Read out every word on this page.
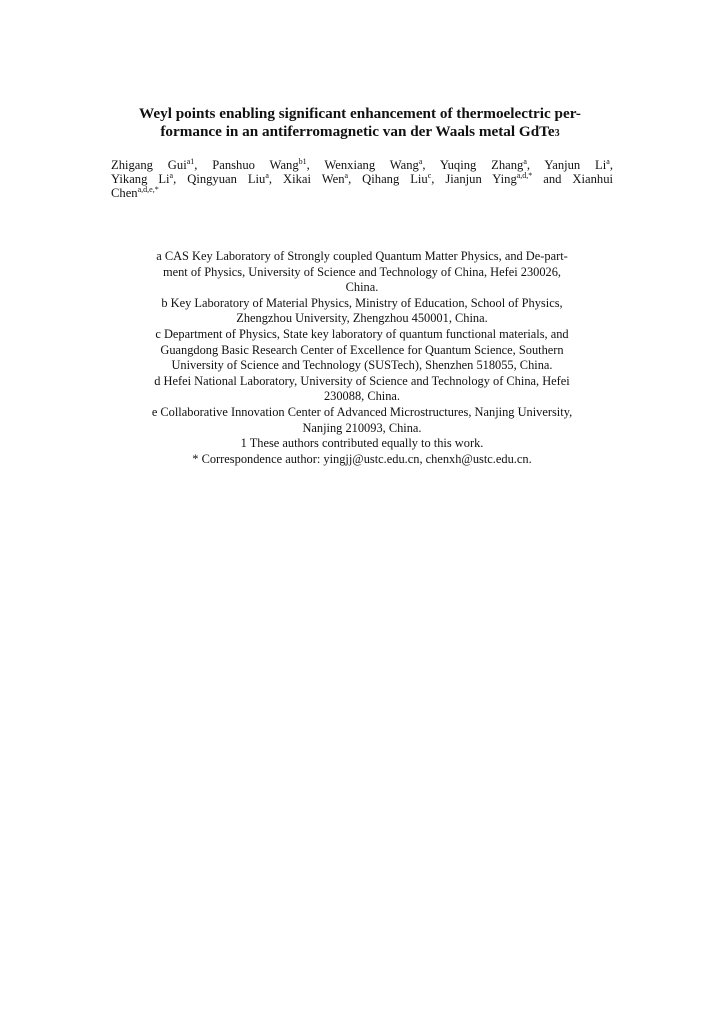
Weyl points enabling significant enhancement of thermoelectric per-
formance in an antiferromagnetic van der Waals metal GdTe3
Zhigang Gui$^{a1}$, Panshuo Wang$^{b1}$, Wenxiang Wang$^a$, Yuqing Zhang$^a$, Yanjun Li$^a$,
Yikang Li$^a$, Qingyuan Liu$^a$, Xikai Wen$^a$, Qihang Liu$^c$, Jianjun Ying$^{a,d,*}$ and Xianhui
Chen$^{a,d,e,*}$

a CAS Key Laboratory of Strongly coupled Quantum Matter Physics, and De-part-
ment of Physics, University of Science and Technology of China, Hefei 230026,
China.

b Key Laboratory of Material Physics, Ministry of Education, School of Physics,
Zhengzhou University, Zhengzhou 450001, China.

c Department of Physics, State key laboratory of quantum functional materials, and
Guangdong Basic Research Center of Excellence for Quantum Science, Southern
University of Science and Technology (SUSTech), Shenzhen 518055, China.

d Hefei National Laboratory, University of Science and Technology of China, Hefei
230088, China.

e Collaborative Innovation Center of Advanced Microstructures, Nanjing University,
Nanjing 210093, China.

1 These authors contributed equally to this work.

* Correspondence author: yingjj@ustc.edu.cn, chenxh@ustc.edu.cn.
